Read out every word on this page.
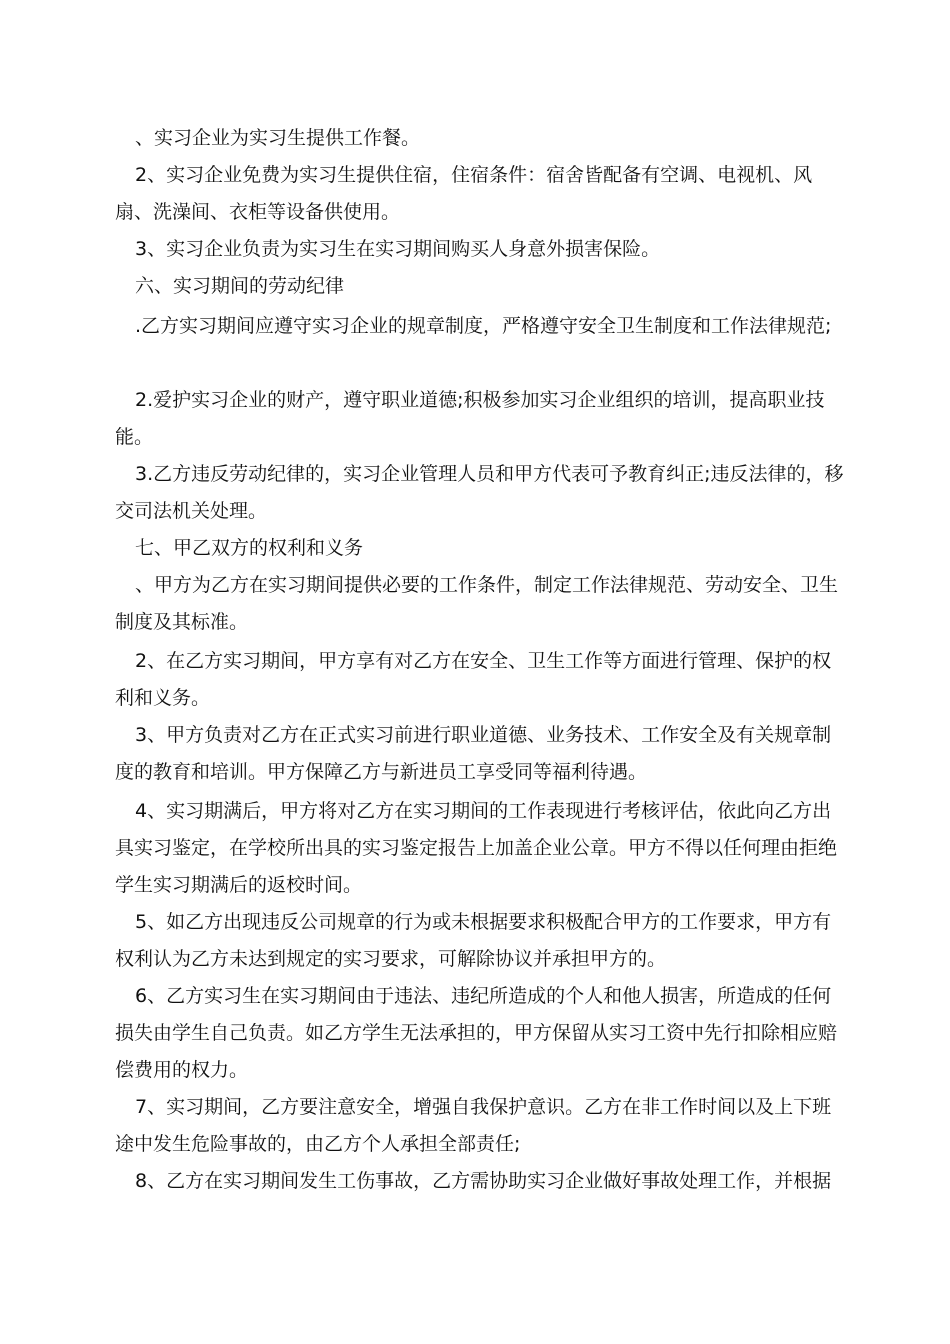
、实习企业为实习生提供工作餐。

2、实习企业免费为实习生提供住宿，住宿条件：宿舍皆配备有空调、电视机、风扇、洗澡间、衣柜等设备供使用。

3、实习企业负责为实习生在实习期间购买人身意外损害保险。

六、实习期间的劳动纪律

.乙方实习期间应遵守实习企业的规章制度，严格遵守安全卫生制度和工作法律规范;

2.爱护实习企业的财产，遵守职业道德;积极参加实习企业组织的培训，提高职业技能。

3.乙方违反劳动纪律的，实习企业管理人员和甲方代表可予教育纠正;违反法律的，移交司法机关处理。

七、甲乙双方的权利和义务

、甲方为乙方在实习期间提供必要的工作条件，制定工作法律规范、劳动安全、卫生制度及其标准。

2、在乙方实习期间，甲方享有对乙方在安全、卫生工作等方面进行管理、保护的权利和义务。

3、甲方负责对乙方在正式实习前进行职业道德、业务技术、工作安全及有关规章制度的教育和培训。甲方保障乙方与新进员工享受同等福利待遇。

4、实习期满后，甲方将对乙方在实习期间的工作表现进行考核评估，依此向乙方出具实习鉴定，在学校所出具的实习鉴定报告上加盖企业公章。甲方不得以任何理由拒绝学生实习期满后的返校时间。

5、如乙方出现违反公司规章的行为或未根据要求积极配合甲方的工作要求，甲方有权利认为乙方未达到规定的实习要求，可解除协议并承担甲方的。

6、乙方实习生在实习期间由于违法、违纪所造成的个人和他人损害，所造成的任何损失由学生自己负责。如乙方学生无法承担的，甲方保留从实习工资中先行扣除相应赔偿费用的权力。

7、实习期间，乙方要注意安全，增强自我保护意识。乙方在非工作时间以及上下班途中发生危险事故的，由乙方个人承担全部责任;

8、乙方在实习期间发生工伤事故，乙方需协助实习企业做好事故处理工作，并根据
